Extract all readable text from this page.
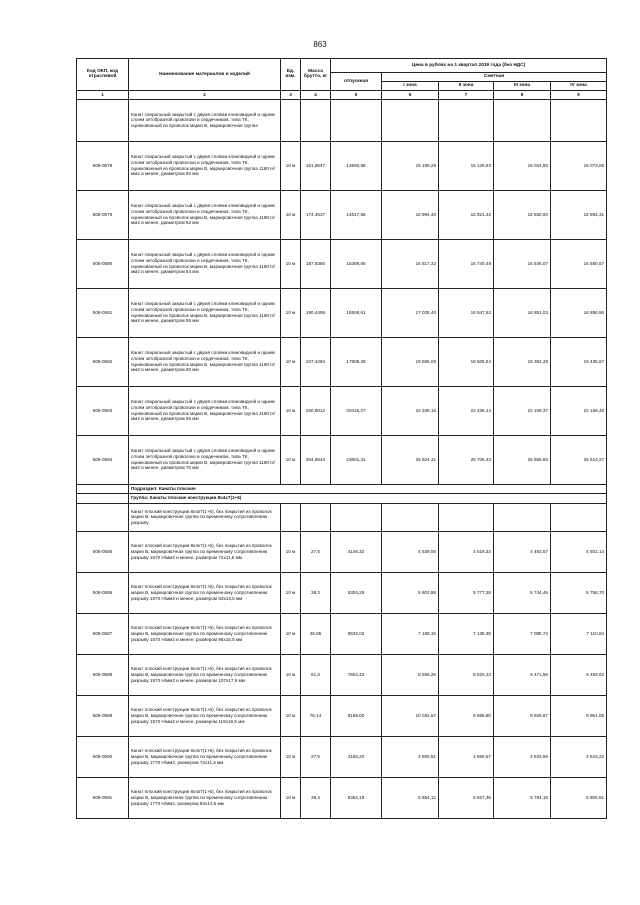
863
Код ОКП, код отраслевой	Наименование материалов и изделий	Ед. изм.	Масса брутто, кг	Цена в рублях на 1 квартал 2019 года (без НДС)				
				отпускная	Сметная			
					I зона	II зона	III зона	IV зона
1	2	3	4	5	6	7	8	9
	Канат спиральный закрытый с двумя слоями клиновидной и одним слоем зетобразной проволоки и сердечником, типа ТК, оцинкованный из проволок марки В, маркировочная группа							
508-0578	Канат спиральный закрытый с двумя слоями клиновидной и одним слоем зетобразной проволоки и сердечником, типа ТК, оцинкованный из проволок марки В, маркировочная группа 1180 Н/мм2 и менее, диаметром 50 мм	10 м	161,9547	13590,88	15 199,29	15 126,83	15 043,80	15 073,05
508-0579	Канат спиральный закрытый с двумя слоями клиновидной и одним слоем зетобразной проволоки и сердечником, типа ТК, оцинкованный из проволок марки В, маркировочная группа 1180 Н/мм2 и менее, диаметром 52 мм	10 м	174,4637	14617,58	15 994,40	15 921,32	15 830,60	15 864,31
508-0580	Канат спиральный закрытый с двумя слоями клиновидной и одним слоем зетобразной проволоки и сердечником, типа ТК, оцинкованный из проволок марки В, маркировочная группа 1180 Н/мм2 и менее, диаметром 54 мм	10 м	187,9380	15369,66	16 817,32	16 740,49	16 645,07	16 680,57
508-0581	Канат спиральный закрытый с двумя слоями клиновидной и одним слоем зетобразной проволоки и сердечником, типа ТК, оцинкованный из проволок марки В, маркировочная группа 1180 Н/мм2 и менее, диаметром 55 мм	10 м	190,4495	15559,61	17 025,40	16 947,62	16 851,03	16 886,90
508-0582	Канат спиральный закрытый с двумя слоями клиновидной и одним слоем зетобразной проволоки и сердечником, типа ТК, оцинкованный из проволок марки В, маркировочная группа 1180 Н/мм2 и менее, диаметром 60 мм	10 м	227,4284	17909,28	19 595,06	19 505,54	19 394,35	19 435,67
508-0583	Канат спиральный закрытый с двумя слоями клиновидной и одним слоем зетобразной проволоки и сердечником, типа ТК, оцинкованный из проволок марки В, маркировочная группа 1180 Н/мм2 и менее, диаметром 65 мм	10 м	260,9012	20415,27	22 338,16	22 236,14	22 109,37	22 156,46
508-0584	Канат спиральный закрытый с двумя слоями клиновидной и одним слоем зетобразной проволоки и сердечником, типа ТК, оцинкованный из проволок марки В, маркировочная группа 1180 Н/мм2 и менее, диаметром 70 мм	10 м	304,8643	23601,31	25 824,31	25 706,33	25 559,80	25 614,27
	Подраздел: Канаты плоские							
	Группа: Канаты плоские конструкции 8х4х7(1+6)							
	Канат плоский конструкции 8х4х7(1+6), без покрытия из проволок марки В, маркировочная группа по временному сопротивлению разрыву							
508-0585	Канат плоский конструкции 8х4х7(1+6), без покрытия из проволок марки В, маркировочная группа по временному сопротивлению разрыву 1570 Н/мм2 и менее, размером 72х11,5 мм	10 м	27,5	4146,32	4 539,06	4 518,33	4 492,57	4 502,14
508-0586	Канат плоский конструкции 8х4х7(1+6), без покрытия из проволок марки В, маркировочная группа по временному сопротивлению разрыву 1570 Н/мм2 и менее, размером 83х13,5 мм	10 м	38,3	5304,29	5 803,89	5 777,38	5 744,46	5 756,70
508-0587	Канат плоский конструкции 8х4х7(1+6), без покрытия из проволок марки В, маркировочная группа по временному сопротивлению разрыву 1570 Н/мм2 и менее, размером 95х15,5 мм	10 м	48,95	6532,02	7 169,15	7 136,38	7 095,74	7 110,84
508-0588	Канат плоский конструкции 8х4х7(1+6), без покрытия из проволок марки В, маркировочная группа по временному сопротивлению разрыву 1570 Н/мм2 и менее, размером 107х17,5 мм	10 м	61,8	7822,43	8 559,25	8 520,13	8 471,56	8 489,62
508-0589	Канат плоский конструкции 8х4х7(1+6), без покрытия из проволок марки В, маркировочная группа по временному сопротивлению разрыву 1570 Н/мм2 и менее, размером 119х19,5 мм	10 м	76,14	9169,00	10 032,67	9 986,80	9 929,87	9 951,05
508-0590	Канат плоский конструкции 8х4х7(1+6), без покрытия из проволок марки В, маркировочная группа по временному сопротивлению разрыву 1770 Н/мм2, размером 72х11,5 мм	10 м	27,5	4186,20	4 580,51	4 559,57	4 533,59	4 543,22
508-0591	Канат плоский конструкции 8х4х7(1+6), без покрытия из проволок марки В, маркировочная группа по временному сопротивлению разрыву 1770 Н/мм2, размером 83х13,5 мм	10 м	38,3	5352,19	5 854,12	5 827,36	5 794,15	5 806,51
